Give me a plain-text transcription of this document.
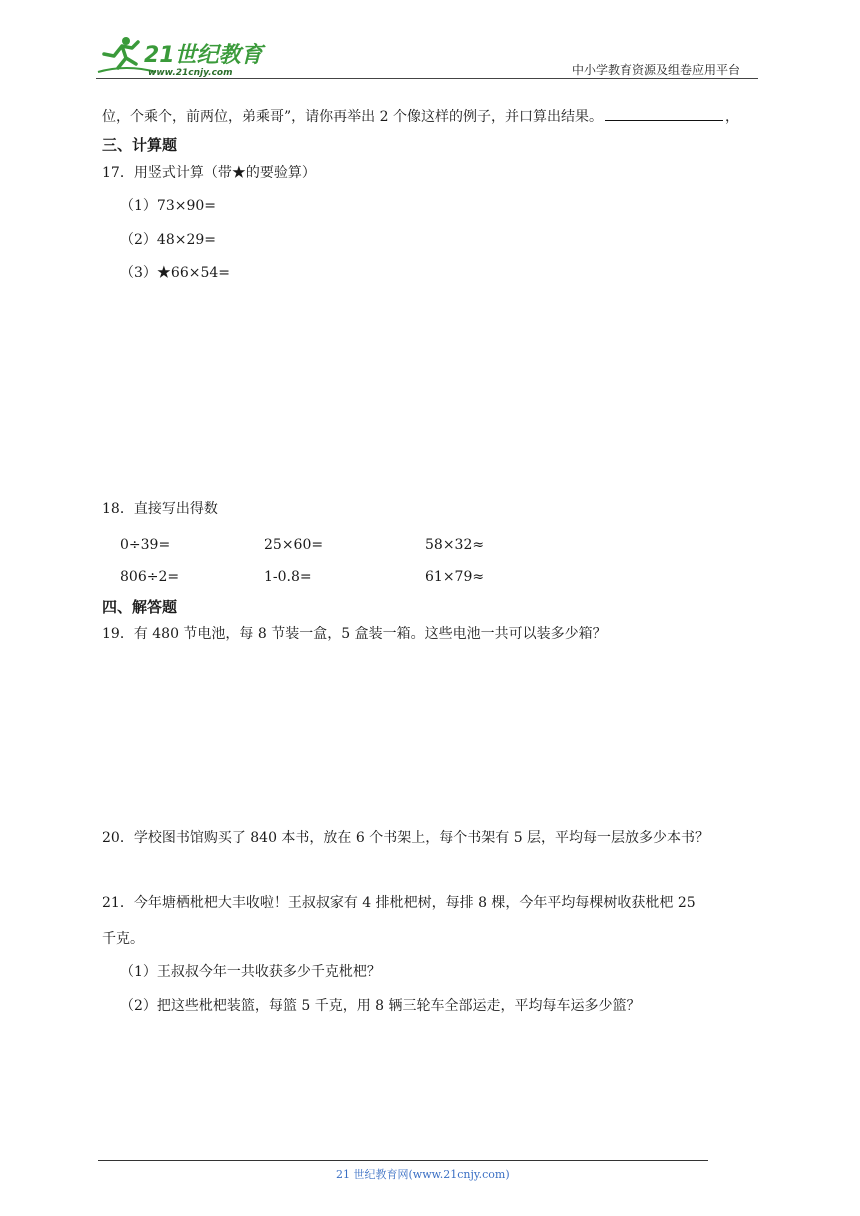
21世纪教育
www.21cnjy.com	中小学教育资源及组卷应用平台
位，个乘个，前两位，弟乘哥”，请你再举出 2 个像这样的例子，并口算出结果。	，
三、计算题
17．用竖式计算（带★的要验算）
（1）73×90=
（2）48×29=
（3）★66×54=
18．直接写出得数
0÷39=	25×60=	58×32≈
806÷2=	1-0.8=	61×79≈
四、解答题
19．有 480 节电池，每 8 节装一盒，5 盒装一箱。这些电池一共可以装多少箱？
20．学校图书馆购买了 840 本书，放在 6 个书架上，每个书架有 5 层，平均每一层放多少本书？
21．今年塘栖枇杷大丰收啦！王叔叔家有 4 排枇杷树，每排 8 棵，今年平均每棵树收获枇杷 25
千克。
（1）王叔叔今年一共收获多少千克枇杷？
（2）把这些枇杷装篮，每篮 5 千克，用 8 辆三轮车全部运走，平均每车运多少篮？
21 世纪教育网(www.21cnjy.com)
